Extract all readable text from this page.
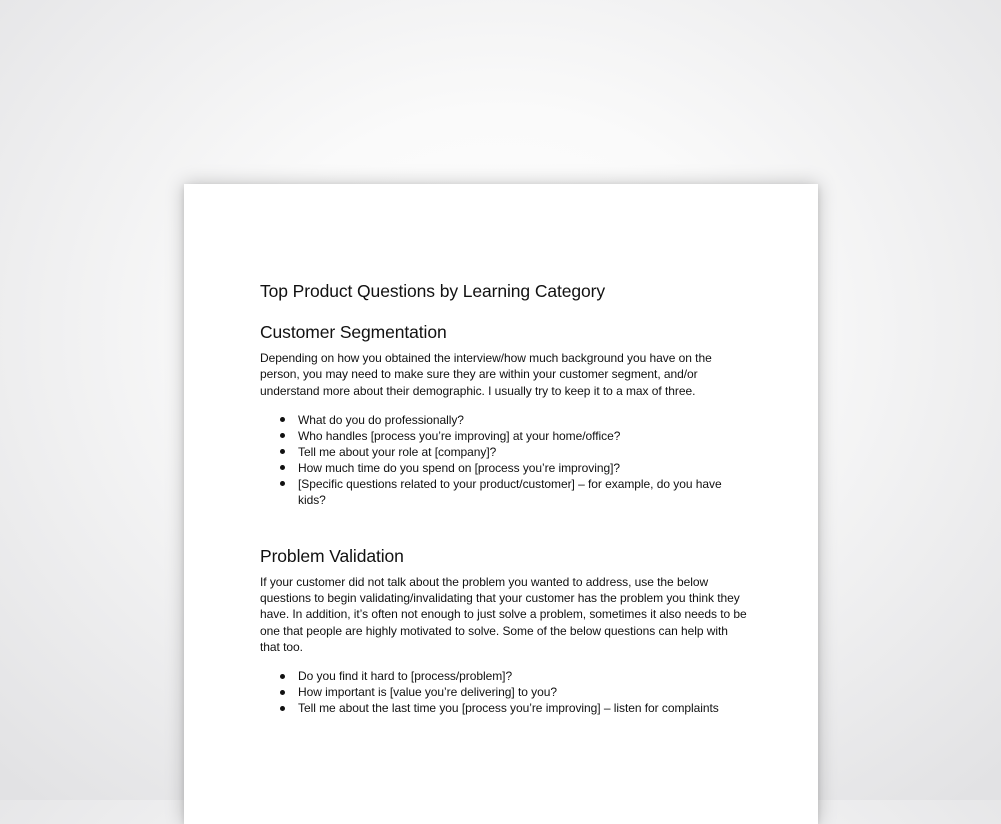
Top Product Questions by Learning Category
Customer Segmentation

Depending on how you obtained the interview/how much background you have on the person, you may need to make sure they are within your customer segment, and/or understand more about their demographic. I usually try to keep it to a max of three.

What do you do professionally?
Who handles [process you’re improving] at your home/office?
Tell me about your role at [company]?
How much time do you spend on [process you’re improving]?
[Specific questions related to your product/customer] – for example, do you have kids?
Problem Validation

If your customer did not talk about the problem you wanted to address, use the below questions to begin validating/invalidating that your customer has the problem you think they have. In addition, it’s often not enough to just solve a problem, sometimes it also needs to be one that people are highly motivated to solve. Some of the below questions can help with that too.

Do you find it hard to [process/problem]?
How important is [value you’re delivering] to you?
Tell me about the last time you [process you’re improving] – listen for complaints
